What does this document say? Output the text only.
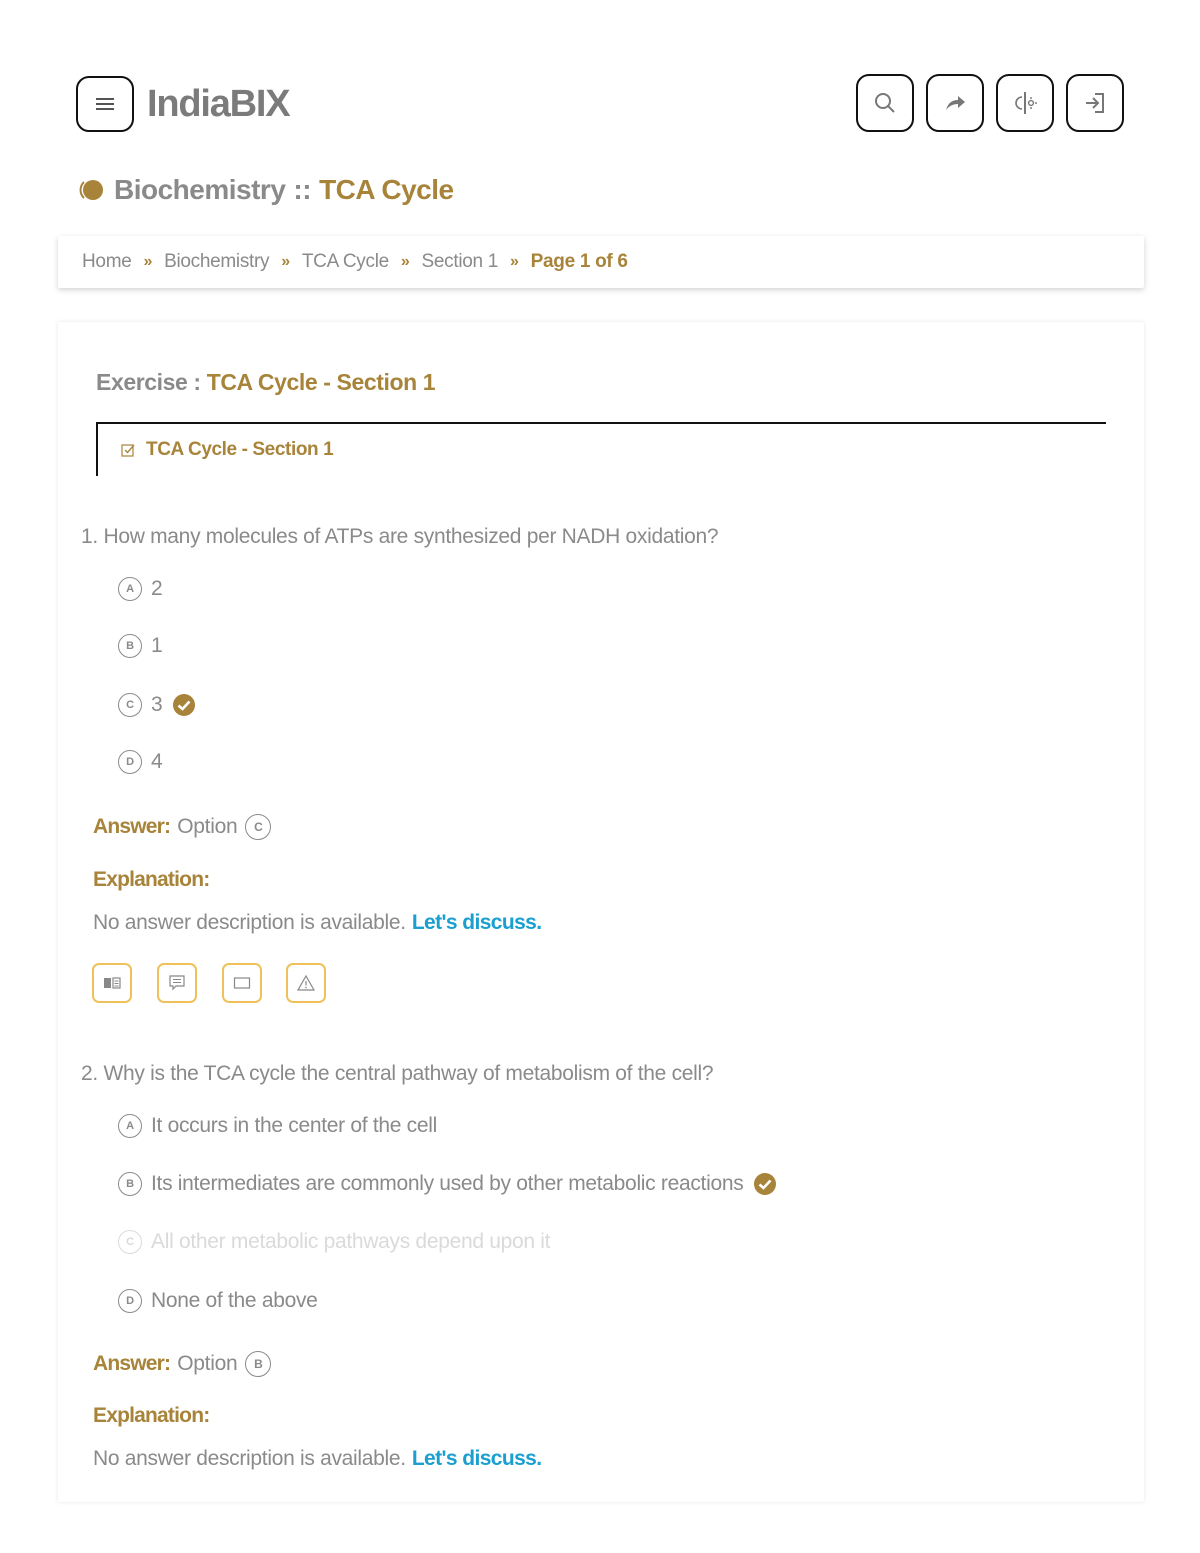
IndiaBIX
Biochemistry :: TCA Cycle
Home » Biochemistry » TCA Cycle » Section 1 » Page 1 of 6
Exercise : TCA Cycle - Section 1
TCA Cycle - Section 1
1. How many molecules of ATPs are synthesized per NADH oxidation?
A 2
B 1
C 3
D 4
Answer: Option	C
Explanation:
No answer description is available. Let's discuss.
2. Why is the TCA cycle the central pathway of metabolism of the cell?
A It occurs in the center of the cell
B Its intermediates are commonly used by other metabolic reactions
C All other metabolic pathways depend upon it
D None of the above
Answer: Option	B
Explanation:
No answer description is available. Let's discuss.
